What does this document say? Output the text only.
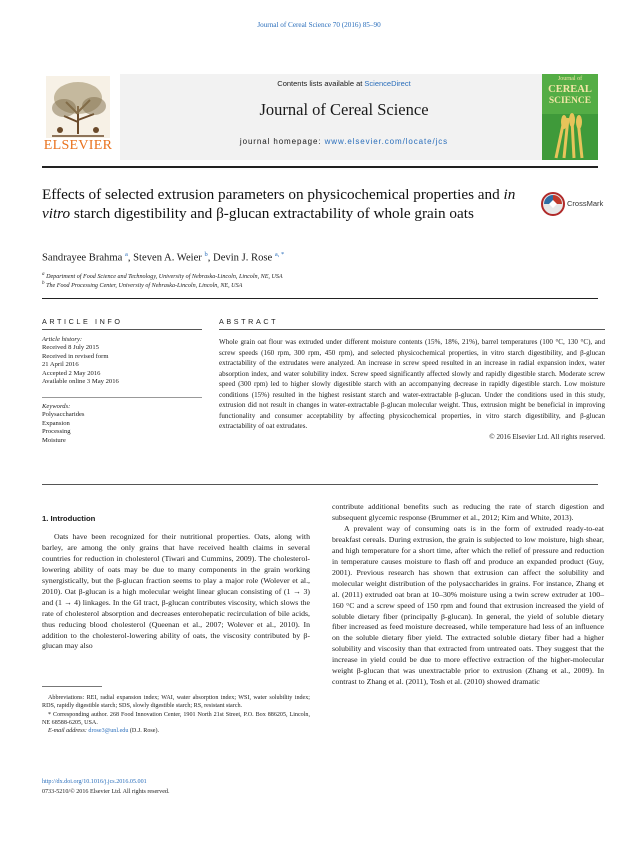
Journal of Cereal Science 70 (2016) 85–90
ELSEVIER
Contents lists available at ScienceDirect
Journal of Cereal Science
journal homepage: www.elsevier.com/locate/jcs
Journal of
CEREAL
SCIENCE
Effects of selected extrusion parameters on physicochemical properties and in vitro starch digestibility and β-glucan extractability of whole grain oats
CrossMark
Sandrayee Brahma $^a$, Steven A. Weier $^b$, Devin J. Rose $^{a, *}$
$^a$ Department of Food Science and Technology, University of Nebraska-Lincoln, Lincoln, NE, USA
$^b$ The Food Processing Center, University of Nebraska-Lincoln, Lincoln, NE, USA
ARTICLE INFO
Article history:
Received 8 July 2015
Received in revised form
21 April 2016
Accepted 2 May 2016
Available online 3 May 2016
Keywords:
Polysaccharides
Expansion
Processing
Moisture
ABSTRACT

Whole grain oat flour was extruded under different moisture contents (15%, 18%, 21%), barrel temperatures (100 °C, 130 °C), and screw speeds (160 rpm, 300 rpm, 450 rpm), and selected physicochemical properties, in vitro starch digestibility, and β-glucan extractability of the extrudates were analyzed. An increase in screw speed resulted in an increase in radial expansion index, water absorption index, and water solubility index. Screw speed significantly affected slowly and rapidly digestible starch. Moderate screw speed (300 rpm) led to higher slowly digestible starch with an accompanying decrease in rapidly digestible starch. Low moisture conditions (15%) resulted in the highest resistant starch and water-extractable β-glucan. Under the conditions used in this study, extrusion did not result in changes in water-extractable β-glucan molecular weight. Thus, extrusion might be beneficial in improving functionality and consumer acceptability by affecting physicochemical properties, in vitro starch digestibility, and β-glucan extractability of oat extrudates.

© 2016 Elsevier Ltd. All rights reserved.

1. Introduction

Oats have been recognized for their nutritional properties. Oats, along with barley, are among the only grains that have received health claims in several countries for reduction in cholesterol (Tiwari and Cummins, 2009). The cholesterol-lowering ability of oats may be due to many components in the grain working synergistically, but the β-glucan fraction seems to play a major role (Wolever et al., 2010). Oat β-glucan is a high molecular weight linear glucan consisting of (1 → 3) and (1 → 4) linkages. In the GI tract, β-glucan contributes viscosity, which slows the rate of cholesterol absorption and decreases enterohepatic recirculation of bile acids, thus reducing blood cholesterol (Queenan et al., 2007; Wolever et al., 2010). In addition to the cholesterol-lowering ability of oats, the viscosity contributed by β-glucan may also

Abbreviations: REI, radial expansion index; WAI, water absorption index; WSI, water solubility index; RDS, rapidly digestible starch; SDS, slowly digestible starch; RS, resistant starch.
* Corresponding author. 268 Food Innovation Center, 1901 North 21st Street, P.O. Box 886205, Lincoln, NE 68588-6205, USA.
E-mail address: drose3@unl.edu (D.J. Rose).
http://dx.doi.org/10.1016/j.jcs.2016.05.001
0733-5210/© 2016 Elsevier Ltd. All rights reserved.

contribute additional benefits such as reducing the rate of starch digestion and subsequent glycemic response (Brummer et al., 2012; Kim and White, 2013).

A prevalent way of consuming oats is in the form of extruded ready-to-eat breakfast cereals. During extrusion, the grain is subjected to low moisture, high shear, and high temperature for a short time, after which the relief of pressure and reduction in temperature causes moisture to flash off and produce an expanded product (Guy, 2001). Previous research has shown that extrusion can affect the solubility and molecular weight distribution of the polysaccharides in grains. For instance, Zhang et al. (2011) extruded oat bran at 10–30% moisture using a twin screw extruder at 100–160 °C and a screw speed of 150 rpm and found that extrusion increased the yield of soluble dietary fiber (principally β-glucan). In general, the yield of soluble dietary fiber increased as feed moisture decreased, while temperature had less of an influence on the soluble dietary fiber yield. The extracted soluble dietary fiber had a higher solubility and viscosity than that extracted from untreated oats. They suggest that the increase in yield could be due to more effective extraction of the higher-molecular weight β-glucan that was unextractable prior to extrusion (Zhang et al., 2009). In contrast to Zhang et al. (2011), Tosh et al. (2010) showed dramatic
